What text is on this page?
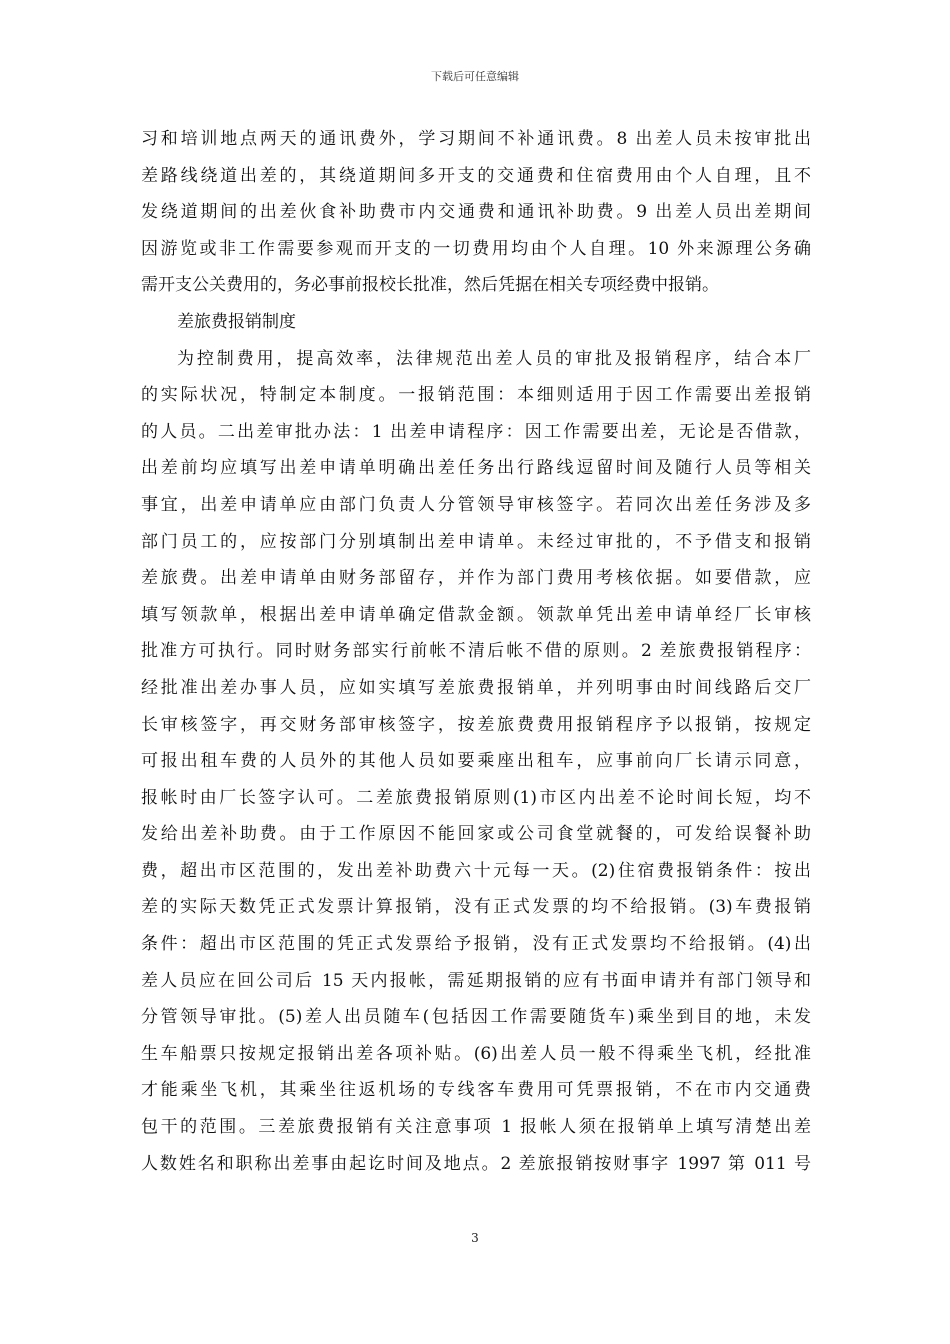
下载后可任意编辑
习和培训地点两天的通讯费外，学习期间不补通讯费。8 出差人员未按审批出
差路线绕道出差的，其绕道期间多开支的交通费和住宿费用由个人自理，且不
发绕道期间的出差伙食补助费市内交通费和通讯补助费。9 出差人员出差期间
因游览或非工作需要参观而开支的一切费用均由个人自理。10 外来源理公务确
需开支公关费用的，务必事前报校长批准，然后凭据在相关专项经费中报销。
差旅费报销制度
为控制费用，提高效率，法律规范出差人员的审批及报销程序，结合本厂
的实际状况，特制定本制度。一报销范围：本细则适用于因工作需要出差报销
的人员。二出差审批办法：1 出差申请程序：因工作需要出差，无论是否借款，
出差前均应填写出差申请单明确出差任务出行路线逗留时间及随行人员等相关
事宜，出差申请单应由部门负责人分管领导审核签字。若同次出差任务涉及多
部门员工的，应按部门分别填制出差申请单。未经过审批的，不予借支和报销
差旅费。出差申请单由财务部留存，并作为部门费用考核依据。如要借款，应
填写领款单，根据出差申请单确定借款金额。领款单凭出差申请单经厂长审核
批准方可执行。同时财务部实行前帐不清后帐不借的原则。2 差旅费报销程序：
经批准出差办事人员，应如实填写差旅费报销单，并列明事由时间线路后交厂
长审核签字，再交财务部审核签字，按差旅费费用报销程序予以报销，按规定
可报出租车费的人员外的其他人员如要乘座出租车，应事前向厂长请示同意，
报帐时由厂长签字认可。二差旅费报销原则(1)市区内出差不论时间长短，均不
发给出差补助费。由于工作原因不能回家或公司食堂就餐的，可发给误餐补助
费，超出市区范围的，发出差补助费六十元每一天。(2)住宿费报销条件：按出
差的实际天数凭正式发票计算报销，没有正式发票的均不给报销。(3)车费报销
条件：超出市区范围的凭正式发票给予报销，没有正式发票均不给报销。(4)出
差人员应在回公司后 15 天内报帐，需延期报销的应有书面申请并有部门领导和
分管领导审批。(5)差人出员随车(包括因工作需要随货车)乘坐到目的地，未发
生车船票只按规定报销出差各项补贴。(6)出差人员一般不得乘坐飞机，经批准
才能乘坐飞机，其乘坐往返机场的专线客车费用可凭票报销，不在市内交通费
包干的范围。三差旅费报销有关注意事项 1 报帐人须在报销单上填写清楚出差
人数姓名和职称出差事由起讫时间及地点。2 差旅报销按财事字 1997 第 011 号
3
